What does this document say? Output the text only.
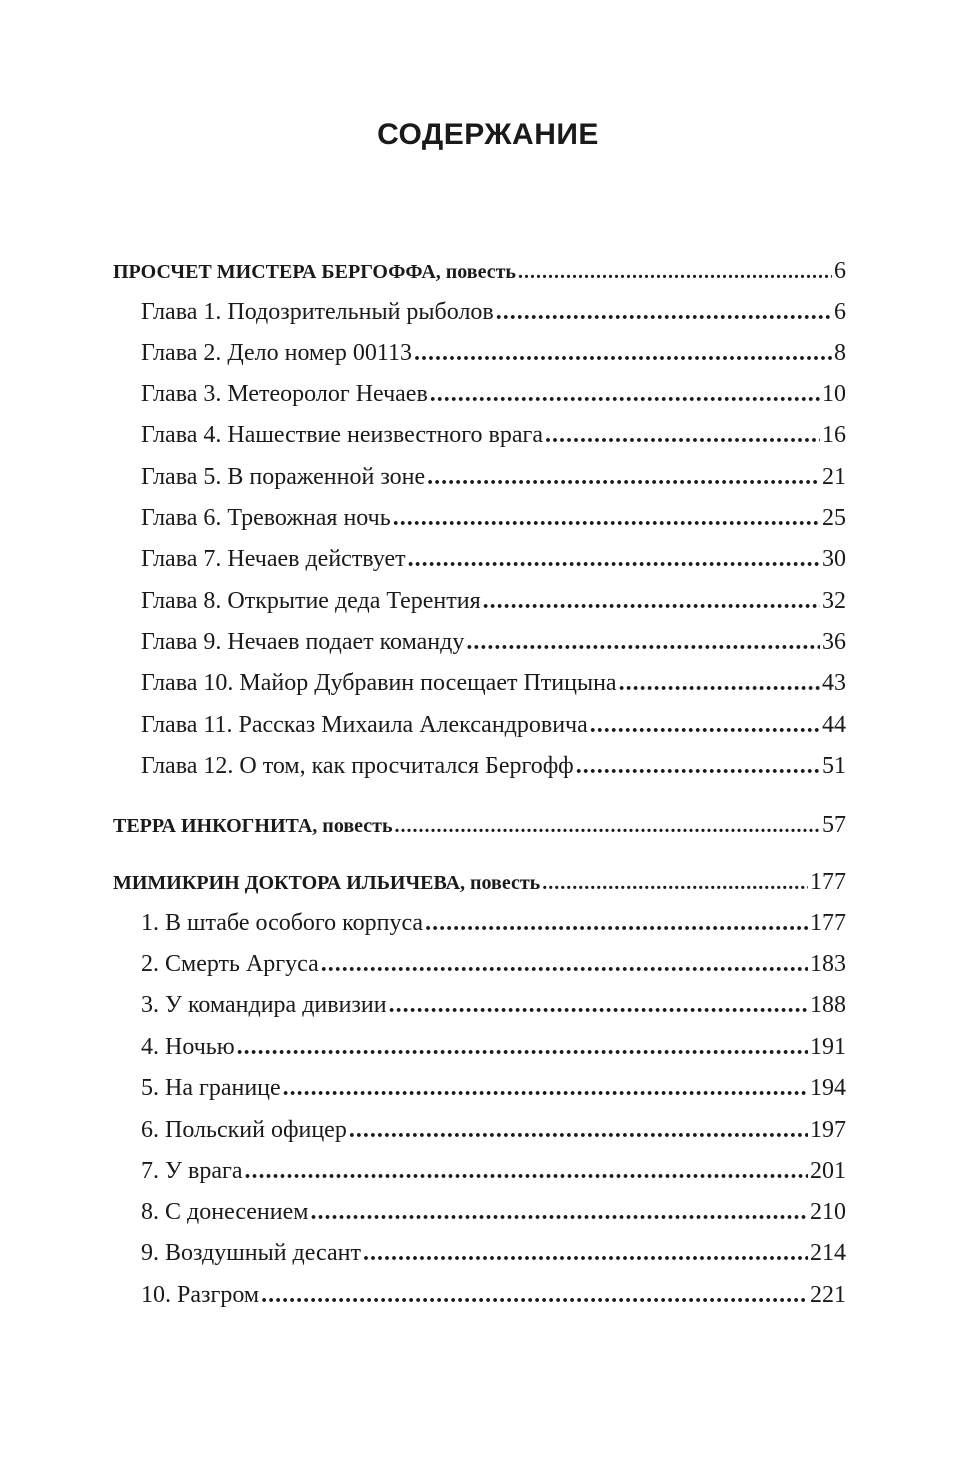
СОДЕРЖАНИЕ
ПРОСЧЕТ МИСТЕРА БЕРГОФФА, повесть .....	6
Глава 1. Подозрительный рыболов .....	6
Глава 2. Дело номер 00113 .....	8
Глава 3. Метеоролог Нечаев .....	10
Глава 4. Нашествие неизвестного врага .....	16
Глава 5. В пораженной зоне .....	21
Глава 6. Тревожная ночь .....	25
Глава 7. Нечаев действует .....	30
Глава 8. Открытие деда Терентия .....	32
Глава 9. Нечаев подает команду .....	36
Глава 10. Майор Дубравин посещает Птицына .....	43
Глава 11. Рассказ Михаила Александровича .....	44
Глава 12. О том, как просчитался Бергофф .....	51
ТЕРРА ИНКОГНИТА, повесть .....	57
МИМИКРИН ДОКТОРА ИЛЬИЧЕВА, повесть .....	177
1. В штабе особого корпуса .....	177
2. Смерть Аргуса .....	183
3. У командира дивизии .....	188
4. Ночью .....	191
5. На границе .....	194
6. Польский офицер .....	197
7. У врага .....	201
8. С донесением .....	210
9. Воздушный десант .....	214
10. Разгром .....	221
